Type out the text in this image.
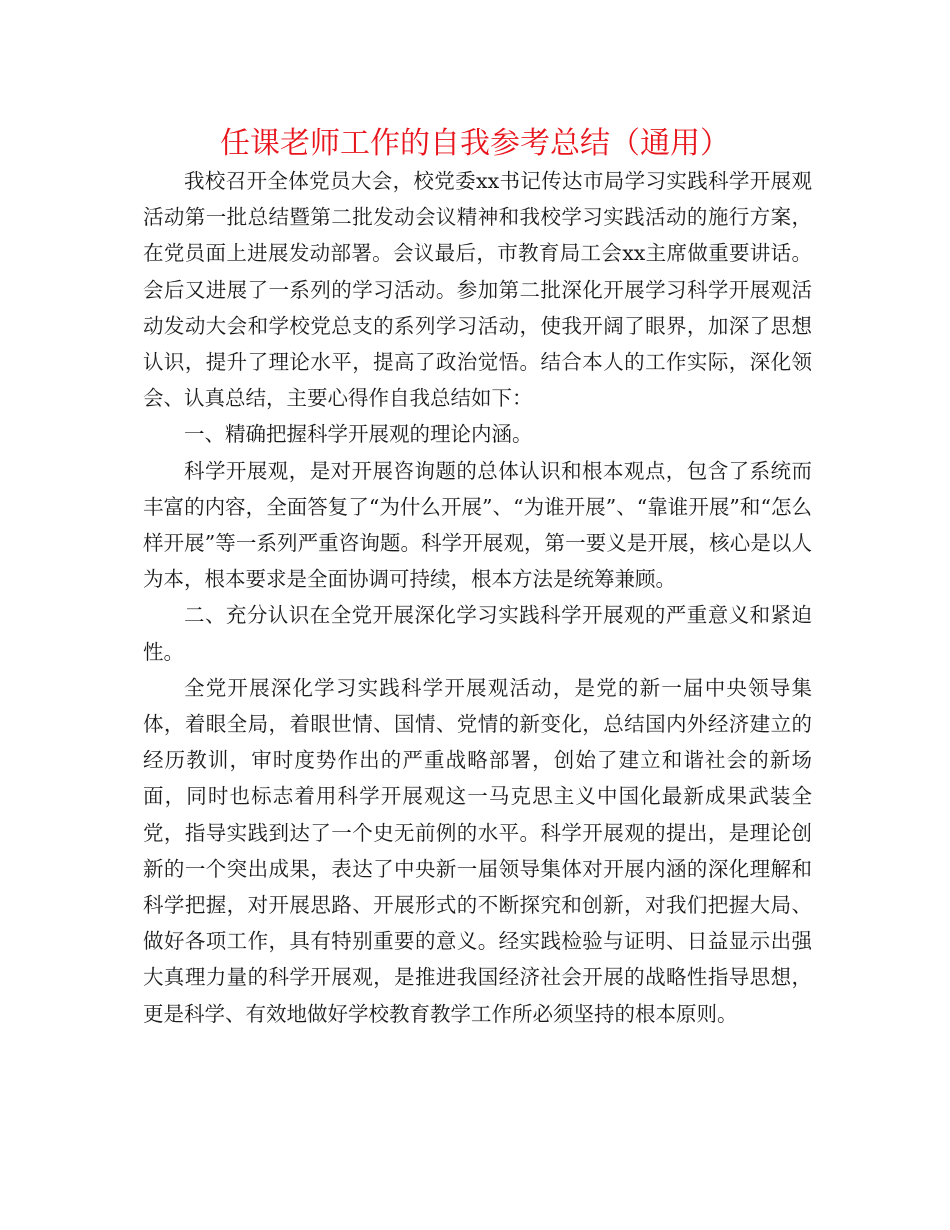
任课老师工作的自我参考总结（通用）

我校召开全体党员大会，校党委xx书记传达市局学习实践科学开展观活动第一批总结暨第二批发动会议精神和我校学习实践活动的施行方案，在党员面上进展发动部署。会议最后，市教育局工会xx主席做重要讲话。会后又进展了一系列的学习活动。参加第二批深化开展学习科学开展观活动发动大会和学校党总支的系列学习活动，使我开阔了眼界，加深了思想认识，提升了理论水平，提高了政治觉悟。结合本人的工作实际，深化领会、认真总结，主要心得作自我总结如下：

一、精确把握科学开展观的理论内涵。

科学开展观，是对开展咨询题的总体认识和根本观点，包含了系统而丰富的内容，全面答复了“为什么开展”、“为谁开展”、“靠谁开展”和“怎么样开展”等一系列严重咨询题。科学开展观，第一要义是开展，核心是以人为本，根本要求是全面协调可持续，根本方法是统筹兼顾。

二、充分认识在全党开展深化学习实践科学开展观的严重意义和紧迫性。

全党开展深化学习实践科学开展观活动，是党的新一届中央领导集体，着眼全局，着眼世情、国情、党情的新变化，总结国内外经济建立的经历教训，审时度势作出的严重战略部署，创始了建立和谐社会的新场面，同时也标志着用科学开展观这一马克思主义中国化最新成果武装全党，指导实践到达了一个史无前例的水平。科学开展观的提出，是理论创新的一个突出成果，表达了中央新一届领导集体对开展内涵的深化理解和科学把握，对开展思路、开展形式的不断探究和创新，对我们把握大局、做好各项工作，具有特别重要的意义。经实践检验与证明、日益显示出强大真理力量的科学开展观，是推进我国经济社会开展的战略性指导思想，更是科学、有效地做好学校教育教学工作所必须坚持的根本原则。
